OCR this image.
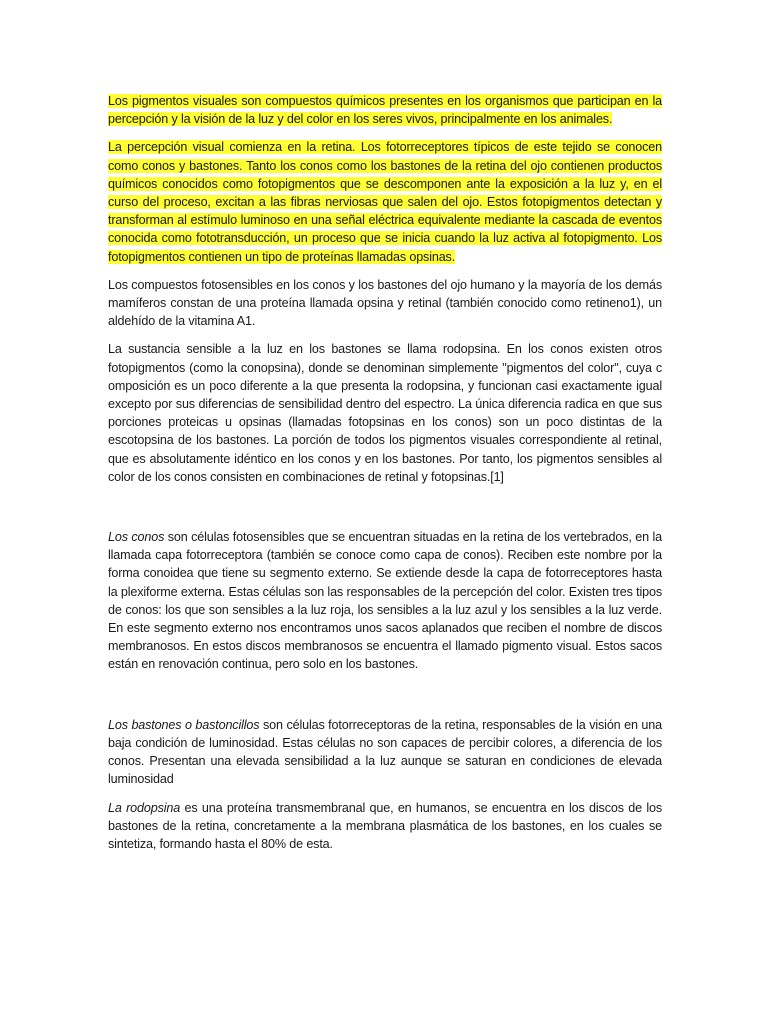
Los pigmentos visuales son compuestos químicos presentes en los organismos que participan en la percepción y la visión de la luz y del color en los seres vivos, principalmente en los animales.

La percepción visual comienza en la retina. Los fotorreceptores típicos de este tejido se conocen como conos y bastones. Tanto los conos como los bastones de la retina del ojo contienen productos químicos conocidos como fotopigmentos que se descomponen ante la exposición a la luz y, en el curso del proceso, excitan a las fibras nerviosas que salen del ojo. Estos fotopigmentos detectan y transforman al estímulo luminoso en una señal eléctrica equivalente mediante la cascada de eventos conocida como fototransducción, un proceso que se inicia cuando la luz activa al fotopigmento. Los fotopigmentos contienen un tipo de proteínas llamadas opsinas.

Los compuestos fotosensibles en los conos y los bastones del ojo humano y la mayoría de los demás mamíferos constan de una proteína llamada opsina y retinal (también conocido como retineno1), un aldehído de la vitamina A1.

La sustancia sensible a la luz en los bastones se llama rodopsina. En los conos existen otros fotopigmentos (como la conopsina), donde se denominan simplemente "pigmentos del color", cuya c omposición es un poco diferente a la que presenta la rodopsina, y funcionan casi exactamente igual excepto por sus diferencias de sensibilidad dentro del espectro. La única diferencia radica en que sus porciones proteicas u opsinas (llamadas fotopsinas en los conos) son un poco distintas de la escotopsina de los bastones. La porción de todos los pigmentos visuales correspondiente al retinal, que es absolutamente idéntico en los conos y en los bastones. Por tanto, los pigmentos sensibles al color de los conos consisten en combinaciones de retinal y fotopsinas.[1]

Los conos son células fotosensibles que se encuentran situadas en la retina de los vertebrados, en la llamada capa fotorreceptora (también se conoce como capa de conos). Reciben este nombre por la forma conoidea que tiene su segmento externo. Se extiende desde la capa de fotorreceptores hasta la plexiforme externa. Estas células son las responsables de la percepción del color. Existen tres tipos de conos: los que son sensibles a la luz roja, los sensibles a la luz azul y los sensibles a la luz verde. En este segmento externo nos encontramos unos sacos aplanados que reciben el nombre de discos membranosos. En estos discos membranosos se encuentra el llamado pigmento visual. Estos sacos están en renovación continua, pero solo en los bastones.

Los bastones o bastoncillos son células fotorreceptoras de la retina, responsables de la visión en una baja condición de luminosidad. Estas células no son capaces de percibir colores, a diferencia de los conos. Presentan una elevada sensibilidad a la luz aunque se saturan en condiciones de elevada luminosidad

La rodopsina es una proteína transmembranal que, en humanos, se encuentra en los discos de los bastones de la retina, concretamente a la membrana plasmática de los bastones, en los cuales se sintetiza, formando hasta el 80% de esta.
